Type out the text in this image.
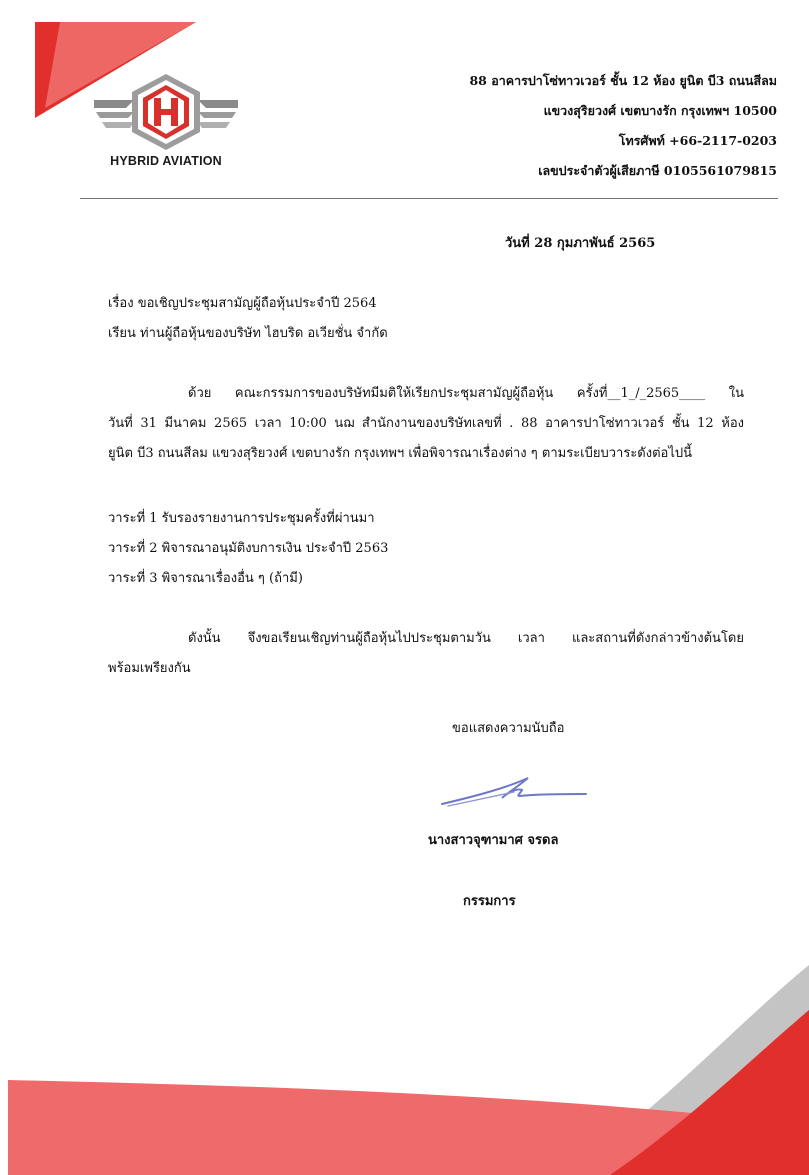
HYBRID AVIATION
88 อาคารปาโซ่ทาวเวอร์ ชั้น 12 ห้อง ยูนิต บี3 ถนนสีลม
แขวงสุริยวงศ์ เขตบางรัก กรุงเทพฯ 10500
โทรศัพท์ +66-2117-0203
เลขประจำตัวผู้เสียภาษี 0105561079815
วันที่ 28 กุมภาพันธ์ 2565
เรื่อง ขอเชิญประชุมสามัญผู้ถือหุ้นประจำปี 2564
เรียน ท่านผู้ถือหุ้นของบริษัท ไฮบริด อเวียชั่น จำกัด
ด้วย คณะกรรมการของบริษัทมีมติให้เรียกประชุมสามัญผู้ถือหุ้น ครั้งที่__1_/_2565____ ใน
วันที่ 31 มีนาคม 2565 เวลา 10:00 นฌ สำนักงานของบริษัทเลขที่ . 88 อาคารปาโซ่ทาวเวอร์ ชั้น 12 ห้อง
ยูนิต บี3 ถนนสีลม แขวงสุริยวงศ์ เขตบางรัก กรุงเทพฯ เพื่อพิจารณาเรื่องต่าง ๆ ตามระเบียบวาระดังต่อไปนี้
วาระที่ 1 รับรองรายงานการประชุมครั้งที่ผ่านมา
วาระที่ 2 พิจารณาอนุมัติงบการเงิน ประจำปี 2563
วาระที่ 3 พิจารณาเรื่องอื่น ๆ (ถ้ามี)
ดังนั้น จึงขอเรียนเชิญท่านผู้ถือหุ้นไปประชุมตามวัน เวลา และสถานที่ดังกล่าวข้างต้นโดย
พร้อมเพรียงกัน
ขอแสดงความนับถือ
นางสาวจุฑามาศ จรดล
กรรมการ
